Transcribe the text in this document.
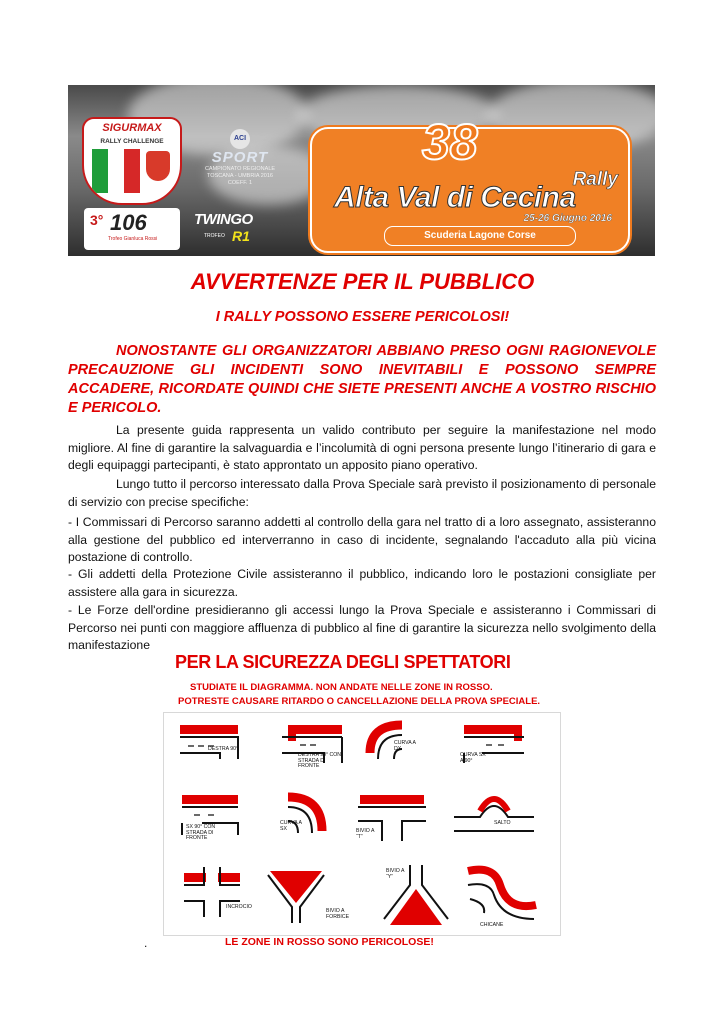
SIGURMAX
RALLY CHALLENGE
3° 106
Trofeo Gianluca Rossi
ACI
SPORT
CAMPIONATO REGIONALE TOSCANA - UMBRIA 2016 COEFF. 1
TWINGO
TROFEO R1
38
Rally
Alta Val di Cecina
25-26 Giugno 2016
Scuderia Lagone Corse
AVVERTENZE PER IL PUBBLICO
I RALLY POSSONO ESSERE PERICOLOSI!
NONOSTANTE GLI ORGANIZZATORI ABBIANO PRESO OGNI RAGIONEVOLE PRECAUZIONE GLI INCIDENTI SONO INEVITABILI E POSSONO SEMPRE ACCADERE, RICORDATE QUINDI CHE SIETE PRESENTI ANCHE A VOSTRO RISCHIO E PERICOLO.

La presente guida rappresenta un valido contributo per seguire la manifestazione nel modo migliore. Al fine di garantire la salvaguardia e l’incolumità di ogni persona presente lungo l’itinerario di gara e degli equipaggi partecipanti, è stato approntato un apposito piano operativo.

Lungo tutto il percorso interessato dalla Prova Speciale sarà previsto il posizionamento di personale di servizio con precise specifiche:

- I Commissari di Percorso saranno addetti al controllo della gara nel tratto di a loro assegnato, assisteranno alla gestione del pubblico ed interverranno in caso di incidente, segnalando l'accaduto alla più vicina postazione di controllo.

- Gli addetti della Protezione Civile assisteranno il pubblico, indicando loro le postazioni consigliate per assistere alla gara in sicurezza.

- Le Forze dell'ordine presidieranno gli accessi lungo la Prova Speciale e assisteranno i Commissari di Percorso nei punti con maggiore affluenza di pubblico al fine di garantire la sicurezza nello svolgimento della manifestazione

PER LA SICUREZZA DEGLI SPETTATORI
STUDIATE IL DIAGRAMMA. NON ANDATE NELLE ZONE IN ROSSO.
POTRESTE CAUSARE RITARDO O CANCELLAZIONE DELLA PROVA SPECIALE.
DESTRA 90°
DESTRA 90° CON STRADA DI FRONTE
CURVA A DX
CURVA SX A 90°
SX 90° CON STRADA DI FRONTE
CURVA A SX	BIVIO A “T”
SALTO
INCROCIO
BIVIO A FORBICE
BIVIO A “Y”
CHICANE
LE ZONE IN ROSSO SONO PERICOLOSE!
.
